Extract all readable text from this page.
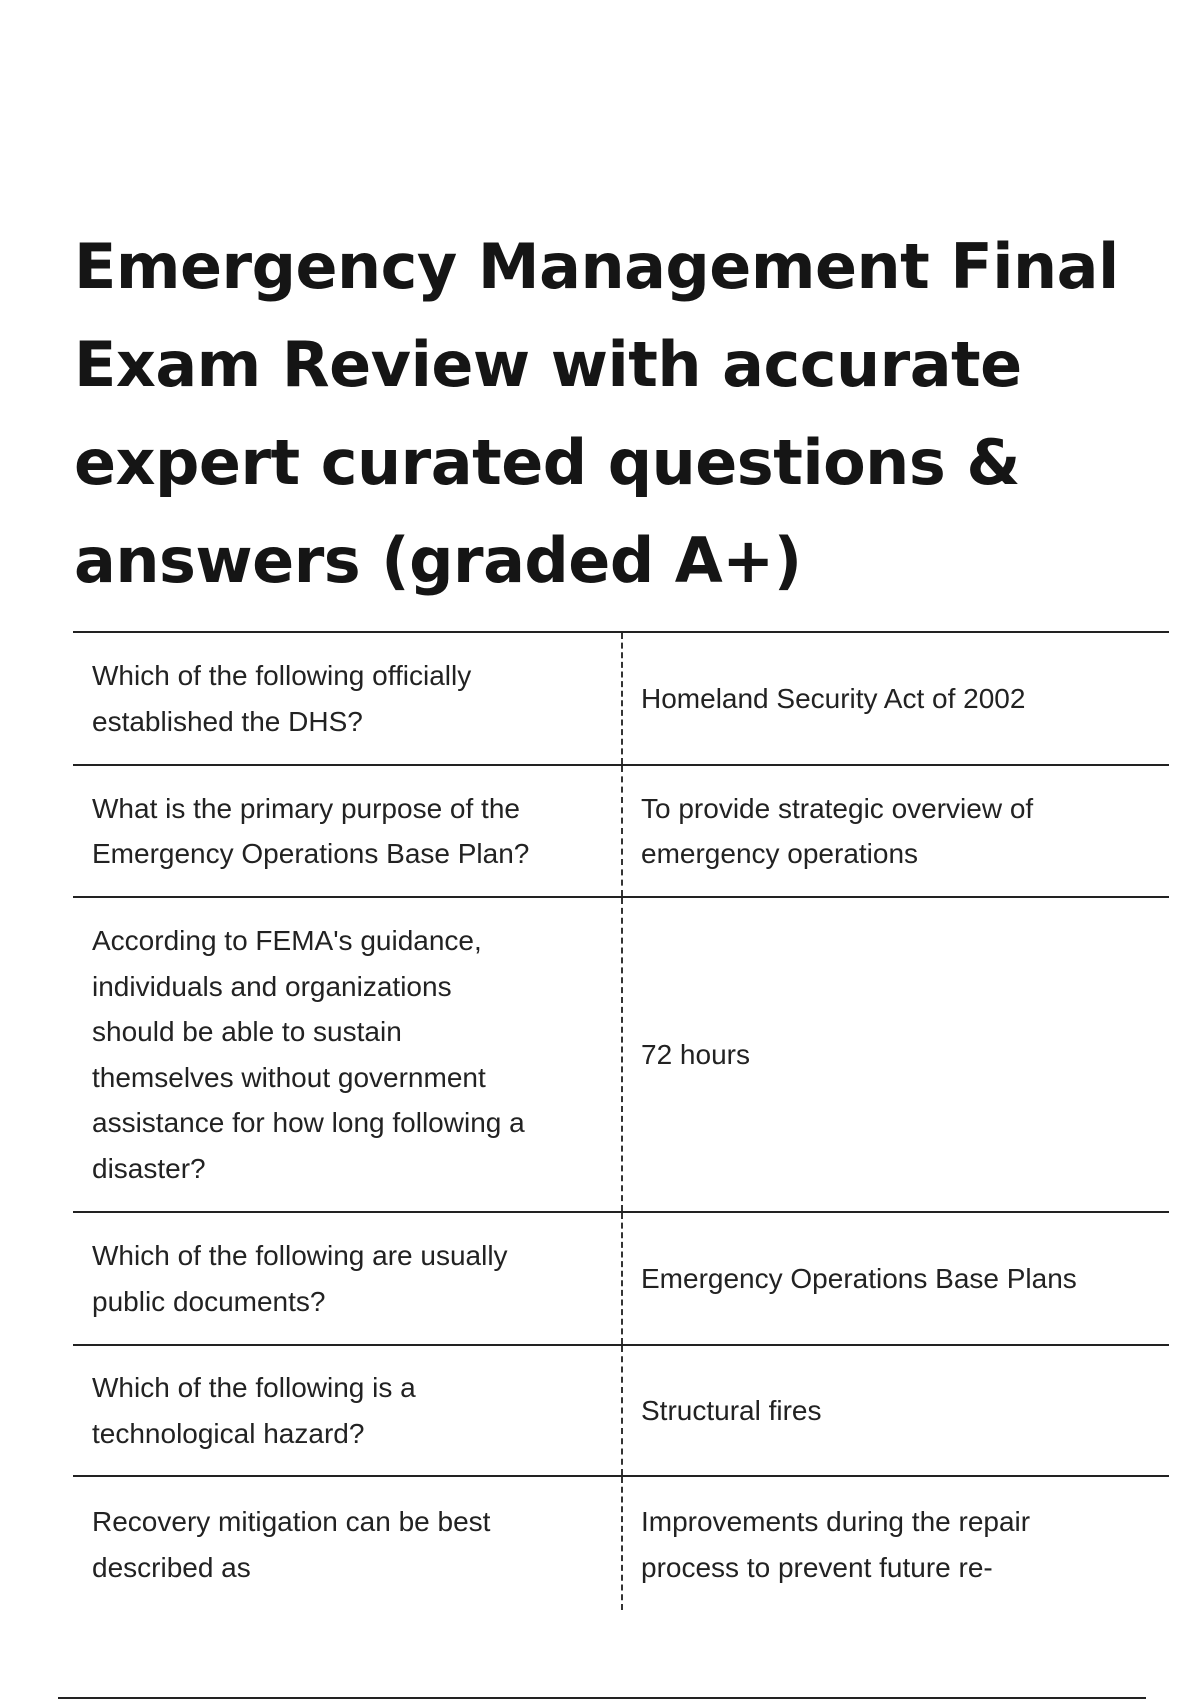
Emergency Management Final
Exam Review with accurate
expert curated questions &
answers (graded A+)
Which of the following officially
established the DHS?
Homeland Security Act of 2002
What is the primary purpose of the
Emergency Operations Base Plan?
To provide strategic overview of
emergency operations
According to FEMA's guidance,
individuals and organizations
should be able to sustain
themselves without government
assistance for how long following a
disaster?
72 hours
Which of the following are usually
public documents?
Emergency Operations Base Plans
Which of the following is a
technological hazard?
Structural fires
Recovery mitigation can be best
described as
Improvements during the repair
process to prevent future re-
